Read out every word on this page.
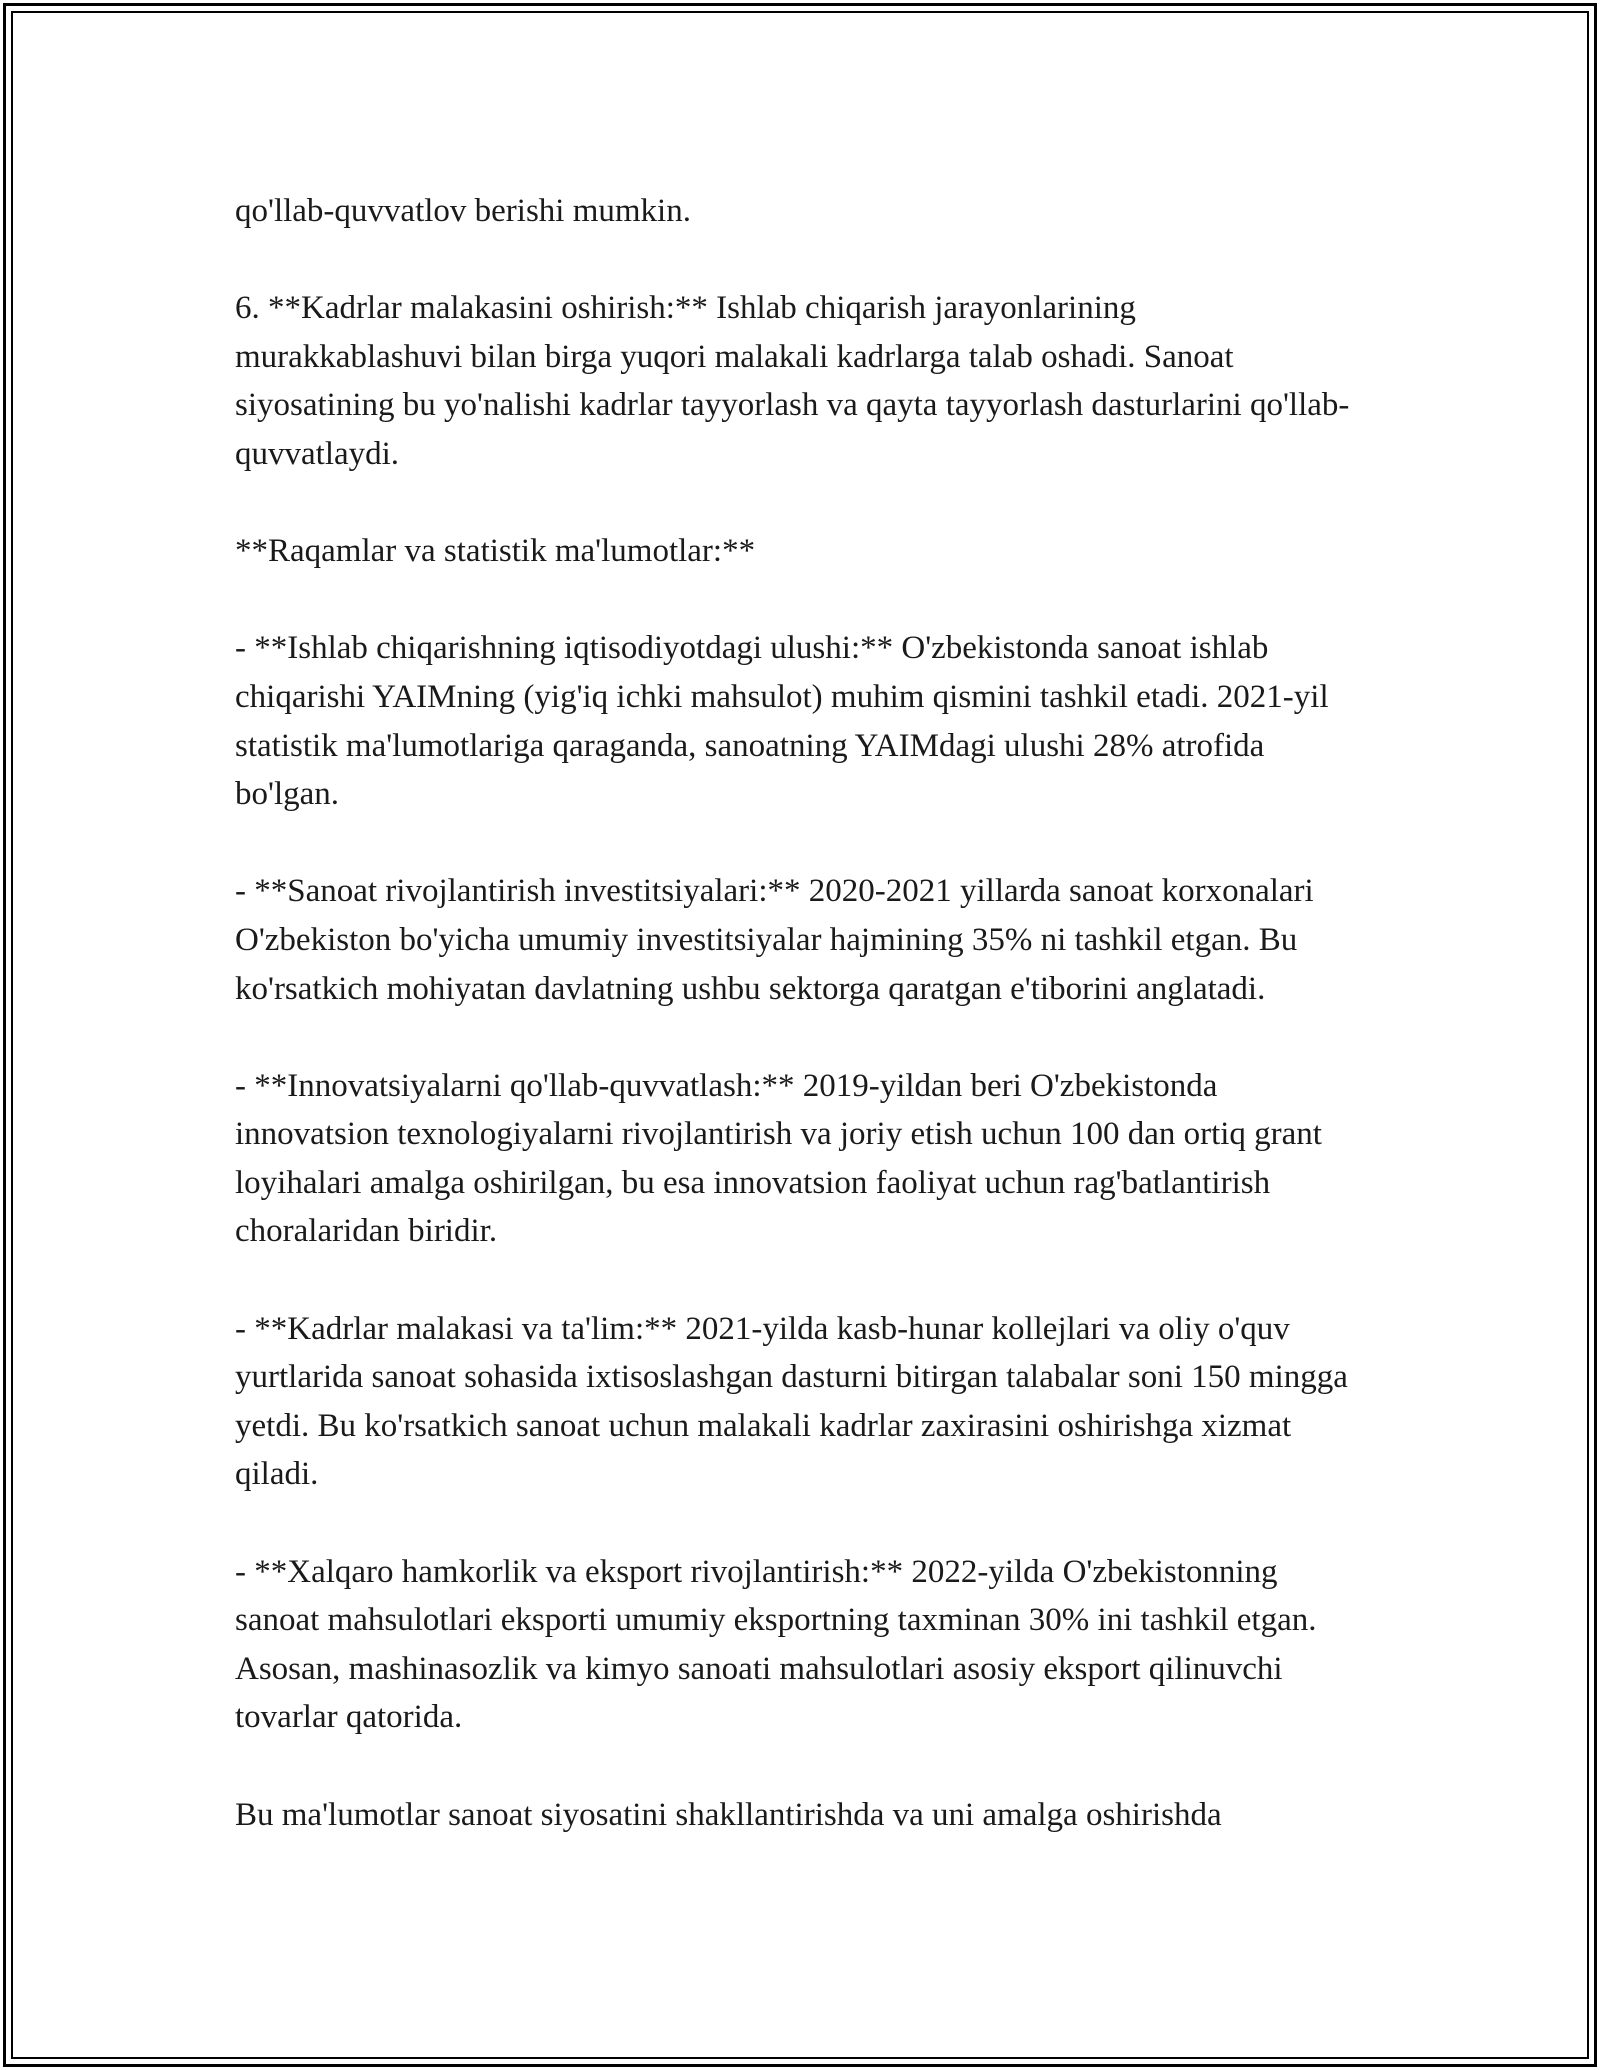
qo'llab-quvvatlov berishi mumkin.

6. **Kadrlar malakasini oshirish:** Ishlab chiqarish jarayonlarining murakkablashuvi bilan birga yuqori malakali kadrlarga talab oshadi. Sanoat siyosatining bu yo'nalishi kadrlar tayyorlash va qayta tayyorlash dasturlarini qo'llab-quvvatlaydi.

**Raqamlar va statistik ma'lumotlar:**

- **Ishlab chiqarishning iqtisodiyotdagi ulushi:** O'zbekistonda sanoat ishlab chiqarishi YAIMning (yig'iq ichki mahsulot) muhim qismini tashkil etadi. 2021-yil statistik ma'lumotlariga qaraganda, sanoatning YAIMdagi ulushi 28% atrofida bo'lgan.

- **Sanoat rivojlantirish investitsiyalari:** 2020-2021 yillarda sanoat korxonalari O'zbekiston bo'yicha umumiy investitsiyalar hajmining 35% ni tashkil etgan. Bu ko'rsatkich mohiyatan davlatning ushbu sektorga qaratgan e'tiborini anglatadi.

- **Innovatsiyalarni qo'llab-quvvatlash:** 2019-yildan beri O'zbekistonda innovatsion texnologiyalarni rivojlantirish va joriy etish uchun 100 dan ortiq grant loyihalari amalga oshirilgan, bu esa innovatsion faoliyat uchun rag'batlantirish choralaridan biridir.

- **Kadrlar malakasi va ta'lim:** 2021-yilda kasb-hunar kollejlari va oliy o'quv yurtlarida sanoat sohasida ixtisoslashgan dasturni bitirgan talabalar soni 150 mingga yetdi. Bu ko'rsatkich sanoat uchun malakali kadrlar zaxirasini oshirishga xizmat qiladi.

- **Xalqaro hamkorlik va eksport rivojlantirish:** 2022-yilda O'zbekistonning sanoat mahsulotlari eksporti umumiy eksportning taxminan 30% ini tashkil etgan. Asosan, mashinasozlik va kimyo sanoati mahsulotlari asosiy eksport qilinuvchi tovarlar qatorida.

Bu ma'lumotlar sanoat siyosatini shakllantirishda va uni amalga oshirishda
